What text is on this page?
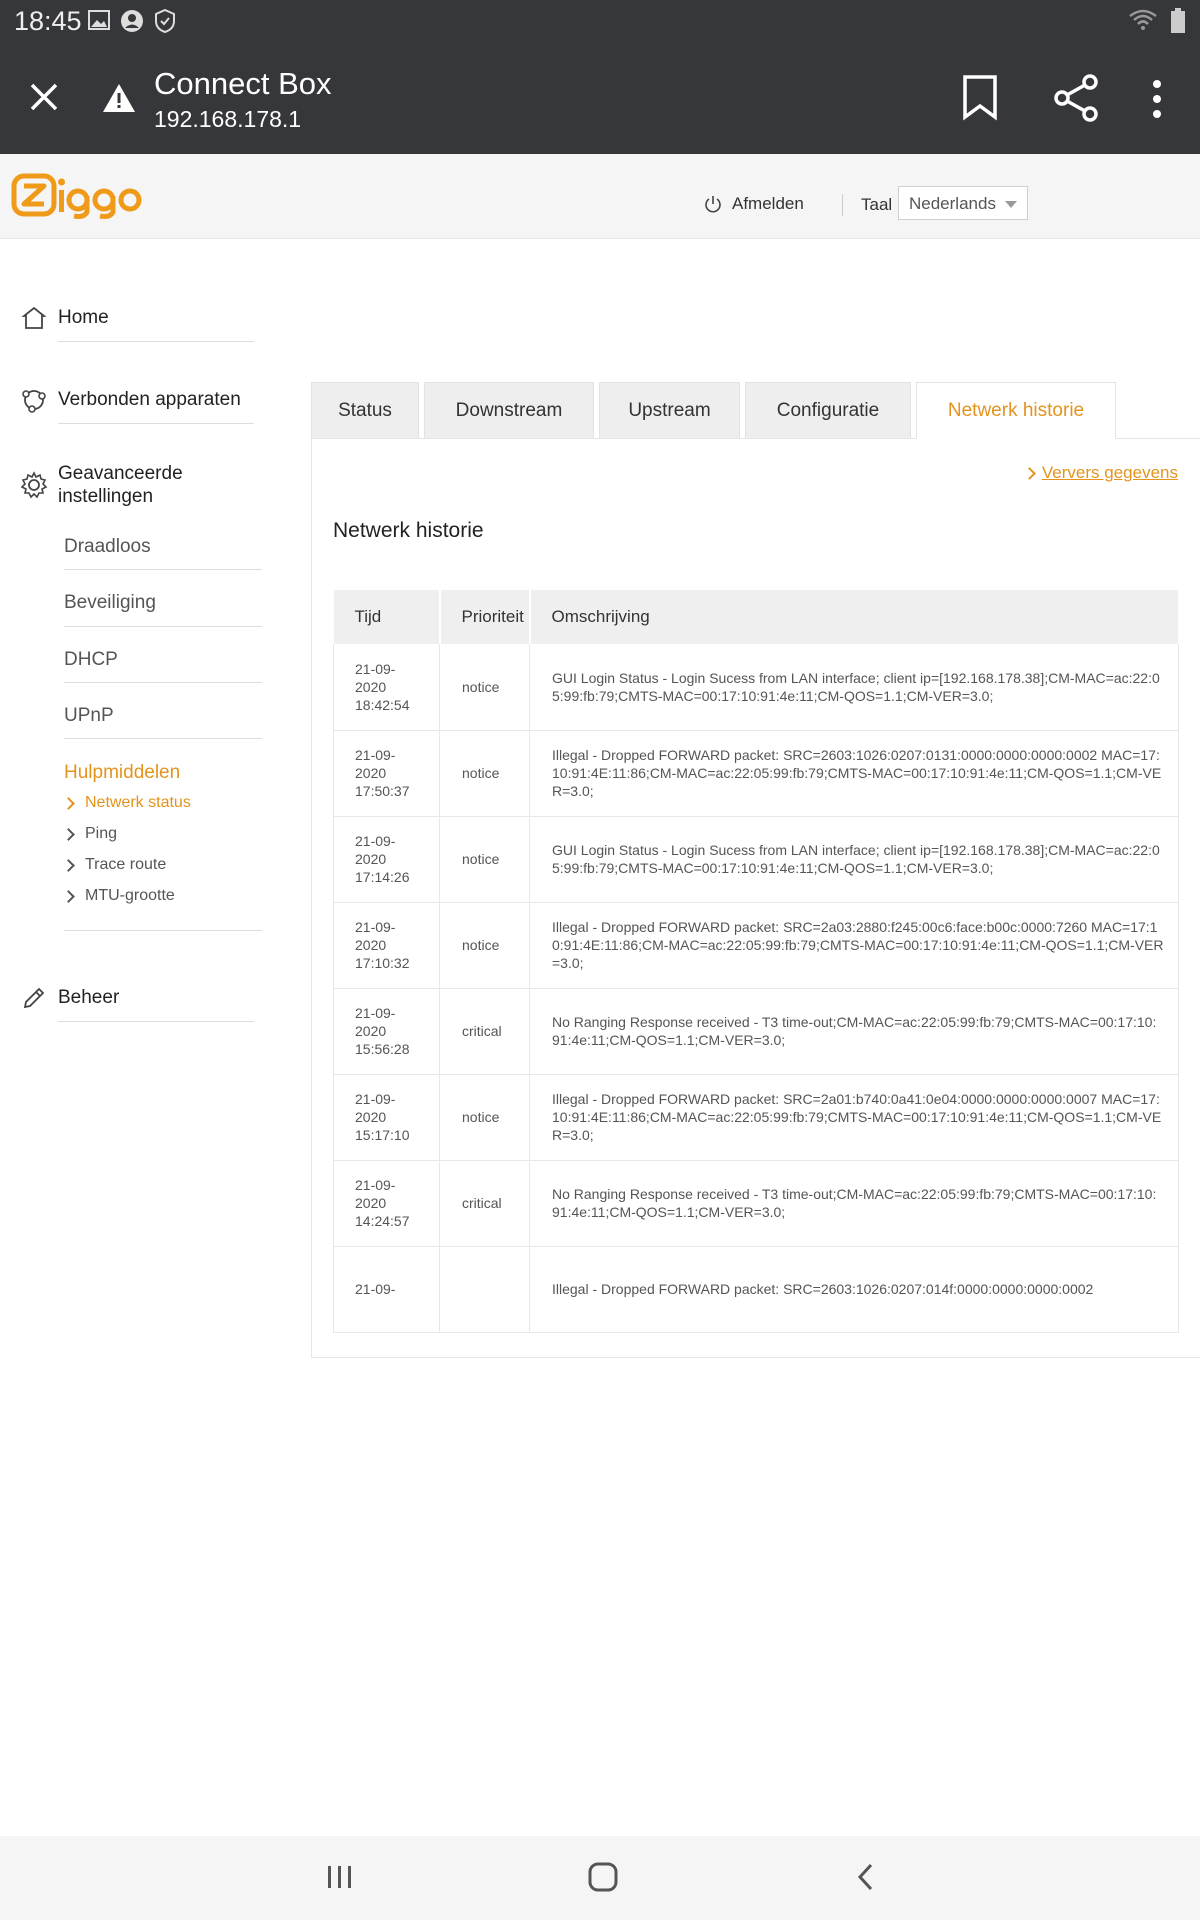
18:45
Connect Box
192.168.178.1
Afmelden	Taal Nederlands
Home
Verbonden apparaten
Geavanceerde
instellingen
Draadloos
Beveiliging
DHCP
UPnP
Hulpmiddelen
Netwerk status
Ping
Trace route
MTU-grootte
Beheer
Status	Downstream	Upstream	Configuratie	Netwerk historie
Ververs gegevens
Netwerk historie
Tijd	Prioriteit	Omschrijving

21-09-2020
18:42:54	notice	GUI Login Status - Login Sucess from LAN interface; client ip=[192.168.178.38];CM-MAC=ac:22:05:99:fb:79;CMTS-MAC=00:17:10:91:4e:11;CM-QOS=1.1;CM-VER=3.0;

21-09-2020
17:50:37	notice	Illegal - Dropped FORWARD packet: SRC=2603:1026:0207:0131:0000:0000:0000:0002 MAC=17:10:91:4E:11:86;CM-MAC=ac:22:05:99:fb:79;CMTS-MAC=00:17:10:91:4e:11;CM-QOS=1.1;CM-VER=3.0;

21-09-2020
17:14:26	notice	GUI Login Status - Login Sucess from LAN interface; client ip=[192.168.178.38];CM-MAC=ac:22:05:99:fb:79;CMTS-MAC=00:17:10:91:4e:11;CM-QOS=1.1;CM-VER=3.0;

21-09-2020
17:10:32	notice	Illegal - Dropped FORWARD packet: SRC=2a03:2880:f245:00c6:face:b00c:0000:7260 MAC=17:10:91:4E:11:86;CM-MAC=ac:22:05:99:fb:79;CMTS-MAC=00:17:10:91:4e:11;CM-QOS=1.1;CM-VER=3.0;

21-09-2020
15:56:28	critical	No Ranging Response received - T3 time-out;CM-MAC=ac:22:05:99:fb:79;CMTS-MAC=00:17:10:91:4e:11;CM-QOS=1.1;CM-VER=3.0;

21-09-2020
15:17:10	notice	Illegal - Dropped FORWARD packet: SRC=2a01:b740:0a41:0e04:0000:0000:0000:0007 MAC=17:10:91:4E:11:86;CM-MAC=ac:22:05:99:fb:79;CMTS-MAC=00:17:10:91:4e:11;CM-QOS=1.1;CM-VER=3.0;

21-09-2020
14:24:57	critical	No Ranging Response received - T3 time-out;CM-MAC=ac:22:05:99:fb:79;CMTS-MAC=00:17:10:91:4e:11;CM-QOS=1.1;CM-VER=3.0;

21-09-		Illegal - Dropped FORWARD packet: SRC=2603:1026:0207:014f:0000:0000:0000:0002
